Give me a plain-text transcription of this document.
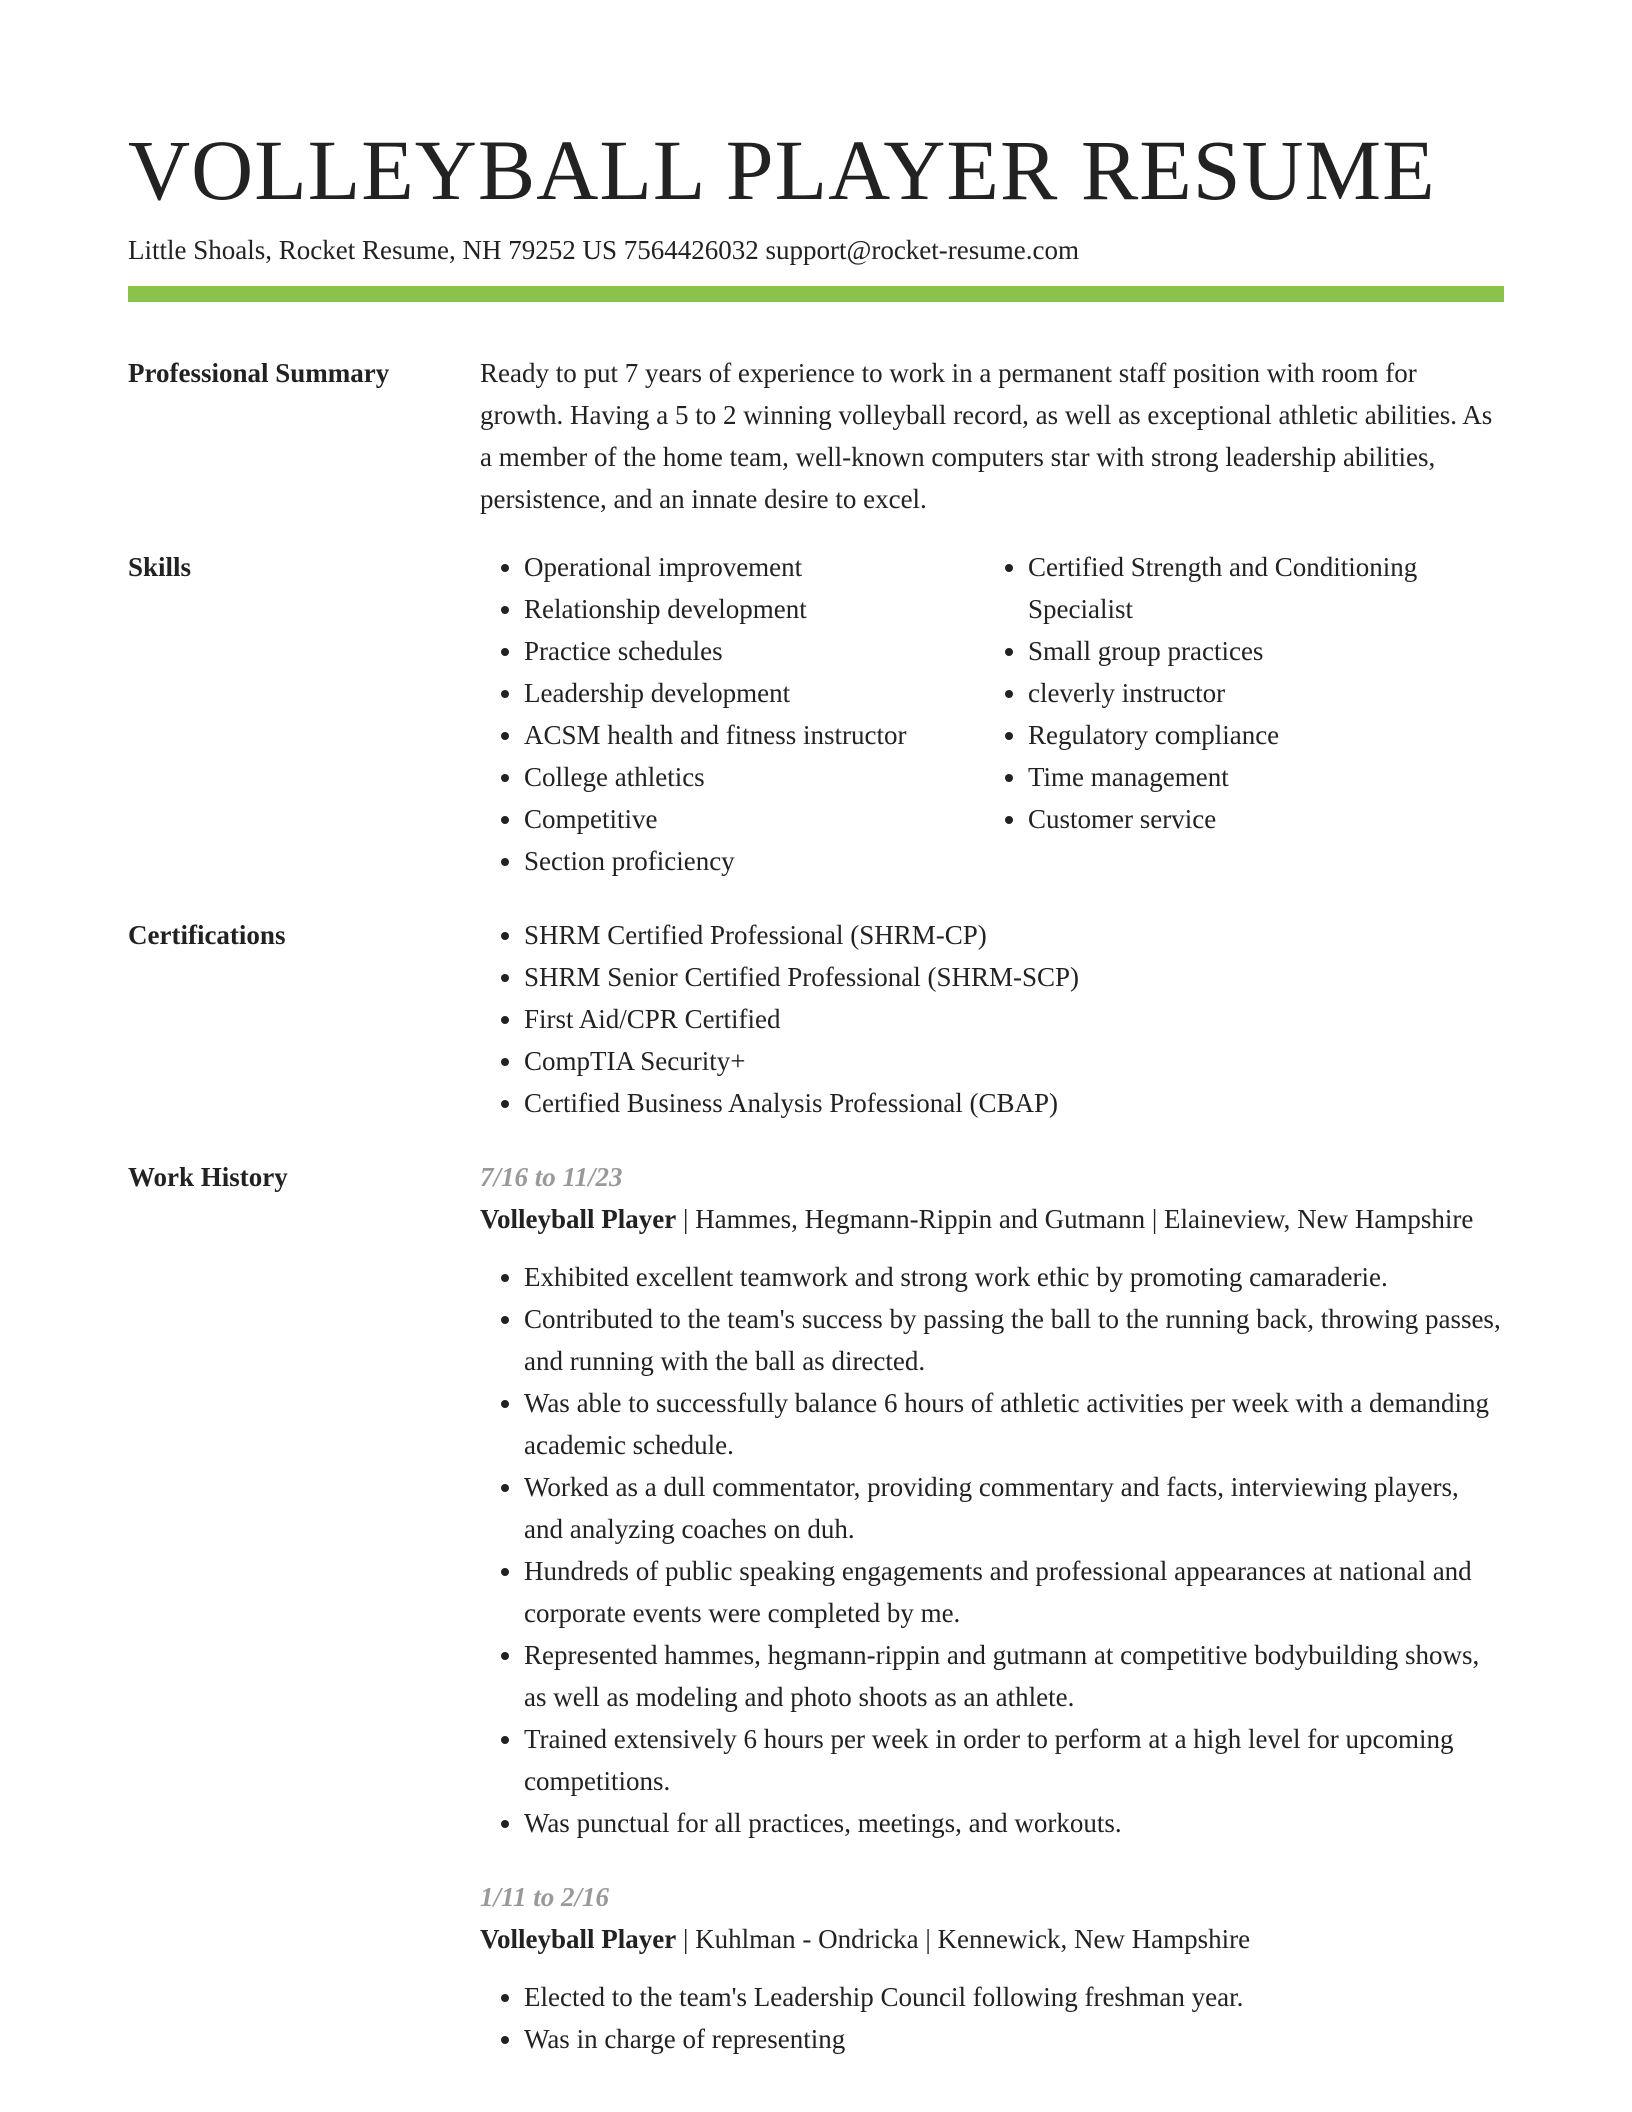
VOLLEYBALL PLAYER RESUME
Little Shoals, Rocket Resume, NH 79252 US 7564426032 support@rocket-resume.com
Professional Summary	Ready to put 7 years of experience to work in a permanent staff position with room for growth. Having a 5 to 2 winning volleyball record, as well as exceptional athletic abilities. As a member of the home team, well-known computers star with strong leadership abilities, persistence, and an innate desire to excel.

Skills	• Operational improvement
• Relationship development
• Practice schedules
• Leadership development
• ACSM health and fitness instructor
• College athletics
• Competitive
• Section proficiency
• Certified Strength and Conditioning Specialist
• Small group practices
• cleverly instructor
• Regulatory compliance
• Time management
• Customer service
Certifications	• SHRM Certified Professional (SHRM-CP)
• SHRM Senior Certified Professional (SHRM-SCP)
• First Aid/CPR Certified
• CompTIA Security+
• Certified Business Analysis Professional (CBAP)
Work History	7/16 to 11/23
Volleyball Player | Hammes, Hegmann-Rippin and Gutmann | Elaineview, New Hampshire
• Exhibited excellent teamwork and strong work ethic by promoting camaraderie.
• Contributed to the team's success by passing the ball to the running back, throwing passes, and running with the ball as directed.
• Was able to successfully balance 6 hours of athletic activities per week with a demanding academic schedule.
• Worked as a dull commentator, providing commentary and facts, interviewing players, and analyzing coaches on duh.
• Hundreds of public speaking engagements and professional appearances at national and corporate events were completed by me.
• Represented hammes, hegmann-rippin and gutmann at competitive bodybuilding shows, as well as modeling and photo shoots as an athlete.
• Trained extensively 6 hours per week in order to perform at a high level for upcoming competitions.
• Was punctual for all practices, meetings, and workouts.
1/11 to 2/16
Volleyball Player | Kuhlman - Ondricka | Kennewick, New Hampshire
• Elected to the team's Leadership Council following freshman year.
• Was in charge of representing
